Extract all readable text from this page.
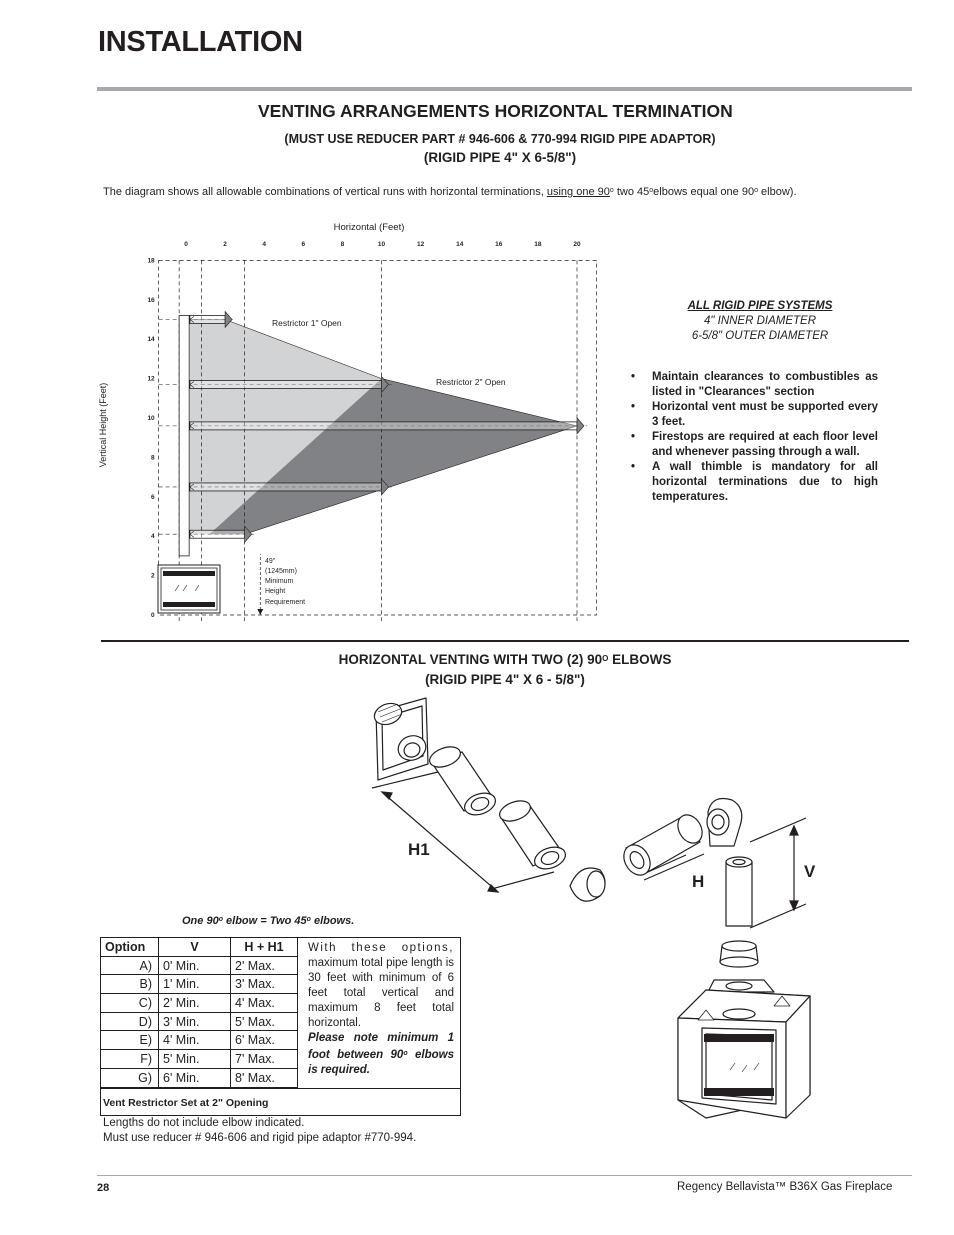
INSTALLATION
VENTING ARRANGEMENTS HORIZONTAL TERMINATION
(MUST USE REDUCER PART # 946-606 & 770-994 RIGID PIPE ADAPTOR)
(RIGID PIPE 4" X 6-5/8")
The diagram shows all allowable combinations of vertical runs with horizontal terminations, using one 90$^o$ two 45$^o$elbows equal one 90$^o$ elbow).
Horizontal (Feet)
Vertical Height (Feet)
0	2	4	6	8	10	12	14	16	18	20
0
2
4
6
8
10
12
14
16
18
Restrictor 1" Open
Restrictor 2" Open
49"
(1245mm)
Minimum
Height
Requirement
ALL RIGID PIPE SYSTEMS
4" INNER DIAMETER
6-5/8" OUTER DIAMETER
• Maintain clearances to combustibles as listed in "Clearances" section
• Horizontal vent must be supported every 3 feet.
• Firestops are required at each floor level and whenever passing through a wall.
• A wall thimble is mandatory for all horizontal terminations due to high temperatures.
HORIZONTAL VENTING WITH TWO (2) $90^O$ ELBOWS
(RIGID PIPE 4" X 6 - 5/8")
H1
H
V
One 90$^o$ elbow = Two 45$^o$ elbows.
Option	V	H + H1
A)	0' Min.	2' Max.
B)	1' Min.	3' Max.
C)	2' Min.	4' Max.
D)	3' Min.	5' Max.
E)	4' Min.	6' Max.
F)	5' Min.	7' Max.
G)	6' Min.	8' Max.
With these options, maximum total pipe length is 30 feet with minimum of 6 feet total vertical and maximum 8 feet total horizontal.
Please note minimum 1 foot between 90$^o$ elbows is required.
Vent Restrictor Set at 2" Opening
Lengths do not include elbow indicated.
Must use reducer # 946-606 and rigid pipe adaptor #770-994.
28	Regency Bellavista™ B36X Gas Fireplace
